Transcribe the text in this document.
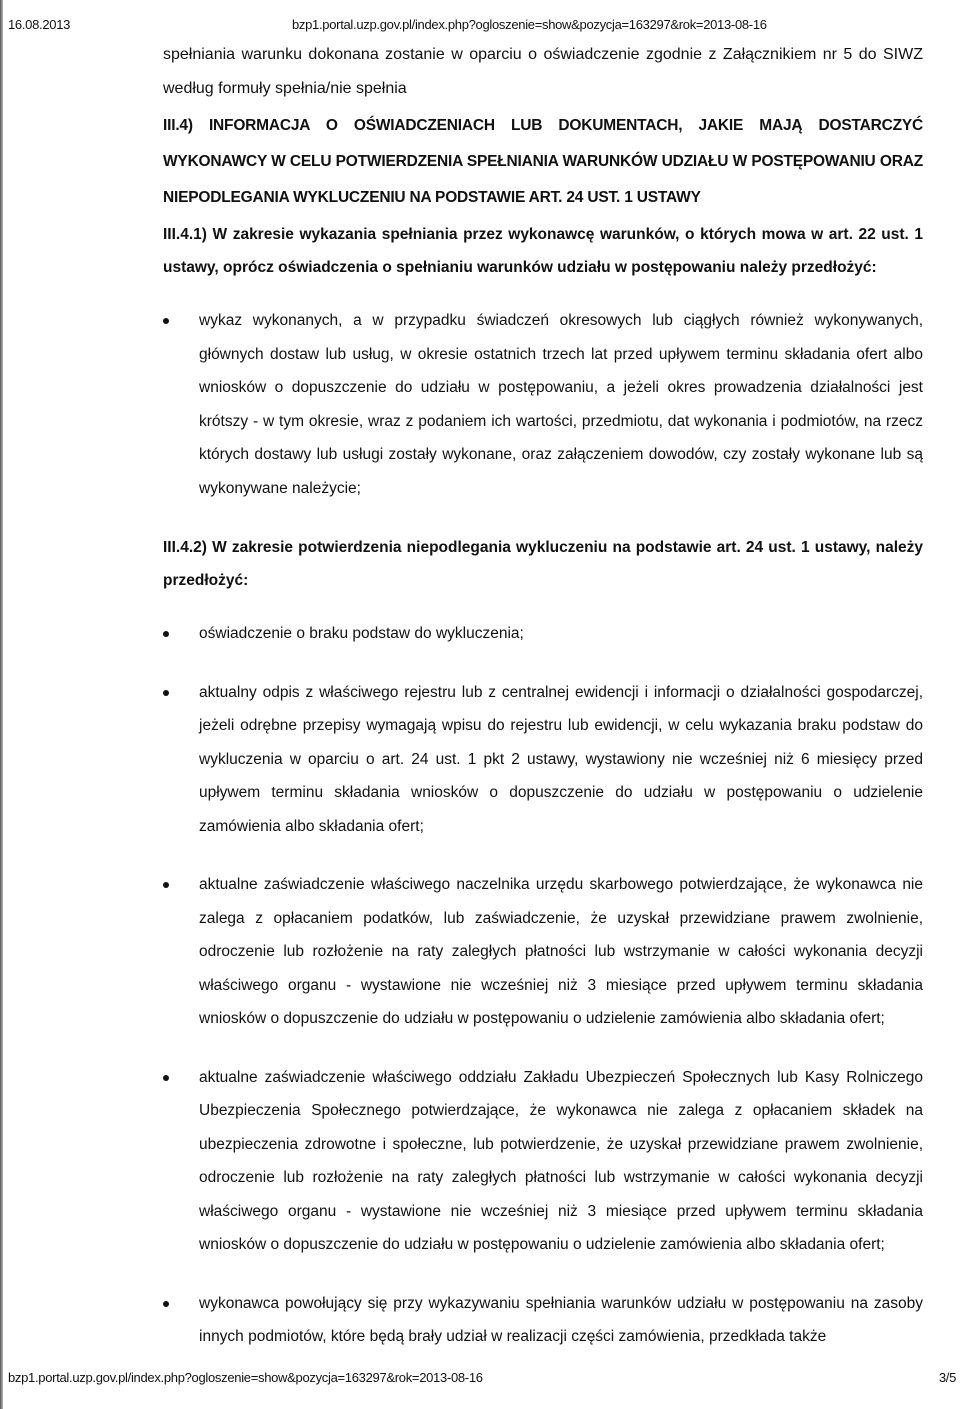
16.08.2013	bzp1.portal.uzp.gov.pl/index.php?ogloszenie=show&pozycja=163297&rok=2013-08-16

spełniania warunku dokonana zostanie w oparciu o oświadczenie zgodnie z Załącznikiem nr 5 do SIWZ według formuły spełnia/nie spełnia

III.4) INFORMACJA O OŚWIADCZENIACH LUB DOKUMENTACH, JAKIE MAJĄ DOSTARCZYĆ WYKONAWCY W CELU POTWIERDZENIA SPEŁNIANIA WARUNKÓW UDZIAŁU W POSTĘPOWANIU ORAZ NIEPODLEGANIA WYKLUCZENIU NA PODSTAWIE ART. 24 UST. 1 USTAWY

III.4.1) W zakresie wykazania spełniania przez wykonawcę warunków, o których mowa w art. 22 ust. 1 ustawy, oprócz oświadczenia o spełnianiu warunków udziału w postępowaniu należy przedłożyć:

wykaz wykonanych, a w przypadku świadczeń okresowych lub ciągłych również wykonywanych, głównych dostaw lub usług, w okresie ostatnich trzech lat przed upływem terminu składania ofert albo wniosków o dopuszczenie do udziału w postępowaniu, a jeżeli okres prowadzenia działalności jest krótszy - w tym okresie, wraz z podaniem ich wartości, przedmiotu, dat wykonania i podmiotów, na rzecz których dostawy lub usługi zostały wykonane, oraz załączeniem dowodów, czy zostały wykonane lub są wykonywane należycie;

III.4.2) W zakresie potwierdzenia niepodlegania wykluczeniu na podstawie art. 24 ust. 1 ustawy, należy przedłożyć:

oświadczenie o braku podstaw do wykluczenia;
aktualny odpis z właściwego rejestru lub z centralnej ewidencji i informacji o działalności gospodarczej, jeżeli odrębne przepisy wymagają wpisu do rejestru lub ewidencji, w celu wykazania braku podstaw do wykluczenia w oparciu o art. 24 ust. 1 pkt 2 ustawy, wystawiony nie wcześniej niż 6 miesięcy przed upływem terminu składania wniosków o dopuszczenie do udziału w postępowaniu o udzielenie zamówienia albo składania ofert;
aktualne zaświadczenie właściwego naczelnika urzędu skarbowego potwierdzające, że wykonawca nie zalega z opłacaniem podatków, lub zaświadczenie, że uzyskał przewidziane prawem zwolnienie, odroczenie lub rozłożenie na raty zaległych płatności lub wstrzymanie w całości wykonania decyzji właściwego organu - wystawione nie wcześniej niż 3 miesiące przed upływem terminu składania wniosków o dopuszczenie do udziału w postępowaniu o udzielenie zamówienia albo składania ofert;
aktualne zaświadczenie właściwego oddziału Zakładu Ubezpieczeń Społecznych lub Kasy Rolniczego Ubezpieczenia Społecznego potwierdzające, że wykonawca nie zalega z opłacaniem składek na ubezpieczenia zdrowotne i społeczne, lub potwierdzenie, że uzyskał przewidziane prawem zwolnienie, odroczenie lub rozłożenie na raty zaległych płatności lub wstrzymanie w całości wykonania decyzji właściwego organu - wystawione nie wcześniej niż 3 miesiące przed upływem terminu składania wniosków o dopuszczenie do udziału w postępowaniu o udzielenie zamówienia albo składania ofert;
wykonawca powołujący się przy wykazywaniu spełniania warunków udziału w postępowaniu na zasoby innych podmiotów, które będą brały udział w realizacji części zamówienia, przedkłada także
bzp1.portal.uzp.gov.pl/index.php?ogloszenie=show&pozycja=163297&rok=2013-08-16	3/5
